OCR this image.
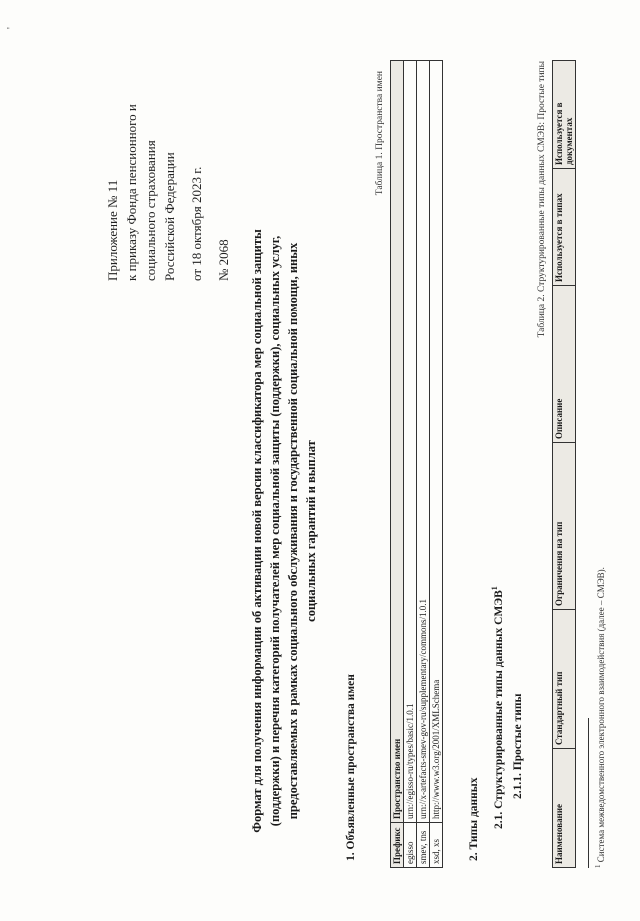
Приложение № 11 к приказу Фонда пенсионного и социального страхования Российской Федерации от 18 октября 2023 г. № 2068
'
Формат для получения информации об активации новой версии классификатора мер социальной защиты (поддержки) и перечня категорий получателей мер социальной защиты (поддержки), социальных услуг, предоставляемых в рамках социального обслуживания и государственной социальной помощи, иных социальных гарантий и выплат
1. Объявленные пространства имен
Таблица 1. Пространства имен
Префикс	Пространство имен
egisso	urn://egisso-ru/types/basic/1.0.1
smev, tns	urn://x-artefacts-smev-gov-ru/supplementary/commons/1.0.1
xsd, xs	http://www.w3.org/2001/XMLSchema
2. Типы данных 2.1. Структурированные типы данных СМЭВ$^1$
2.1.1. Простые типы
Таблица 2. Структурированные типы данных СМЭВ: Простые типы
Наименование	Стандартный тип	Ограничения на тип	Описание	Используется в типах	Используется в документах
$^1$ Система межведомственного электронного взаимодействия (далее – СМЭВ).
